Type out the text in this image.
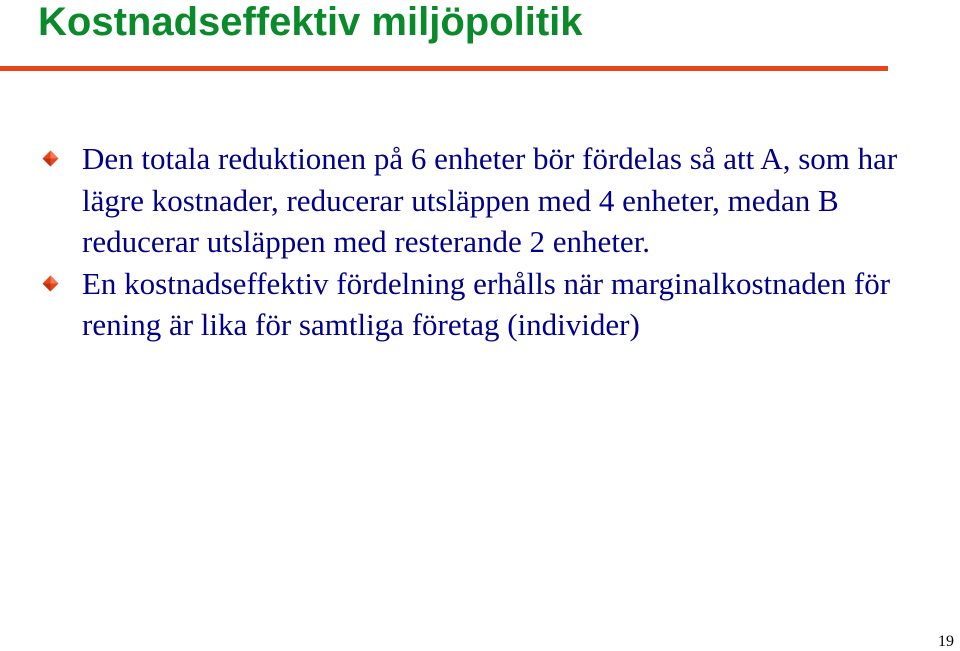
Kostnadseffektiv miljöpolitik
Den totala reduktionen på 6 enheter bör fördelas så att A, som har lägre kostnader, reducerar utsläppen med 4 enheter, medan B reducerar utsläppen med resterande 2 enheter.
En kostnadseffektiv fördelning erhålls när marginalkostnaden för rening är lika för samtliga företag (individer)
19
